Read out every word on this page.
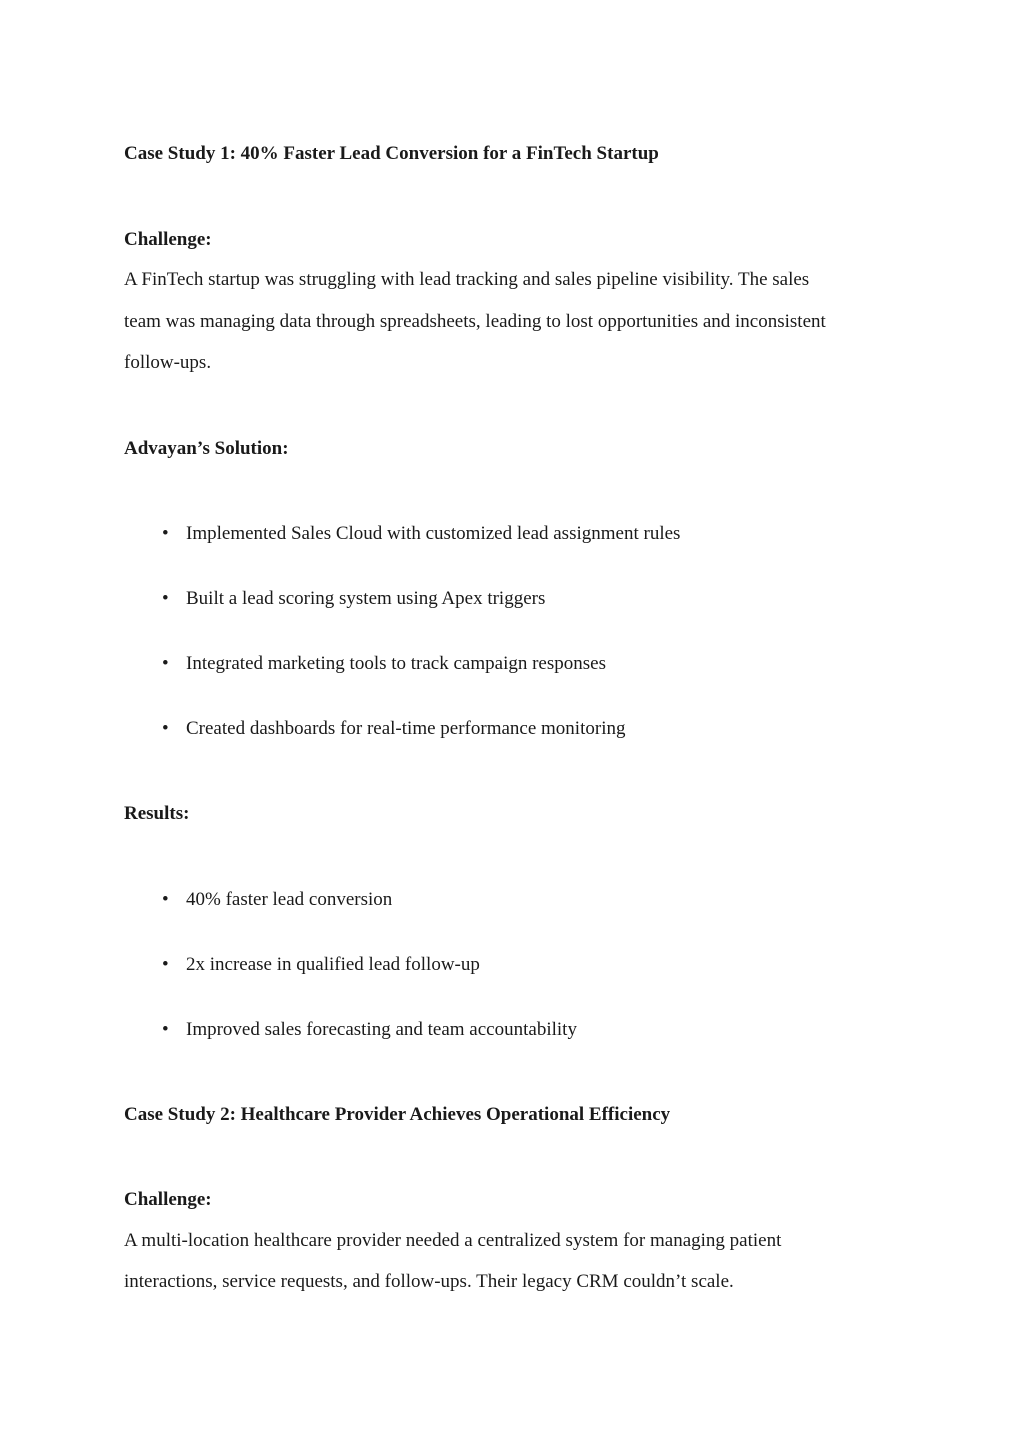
Case Study 1: 40% Faster Lead Conversion for a FinTech Startup
Challenge:
A FinTech startup was struggling with lead tracking and sales pipeline visibility. The sales
team was managing data through spreadsheets, leading to lost opportunities and inconsistent
follow-ups.
Advayan’s Solution:
• Implemented Sales Cloud with customized lead assignment rules
• Built a lead scoring system using Apex triggers
• Integrated marketing tools to track campaign responses
• Created dashboards for real-time performance monitoring
Results:
• 40% faster lead conversion
• 2x increase in qualified lead follow-up
• Improved sales forecasting and team accountability
Case Study 2: Healthcare Provider Achieves Operational Efficiency
Challenge:
A multi-location healthcare provider needed a centralized system for managing patient
interactions, service requests, and follow-ups. Their legacy CRM couldn’t scale.
